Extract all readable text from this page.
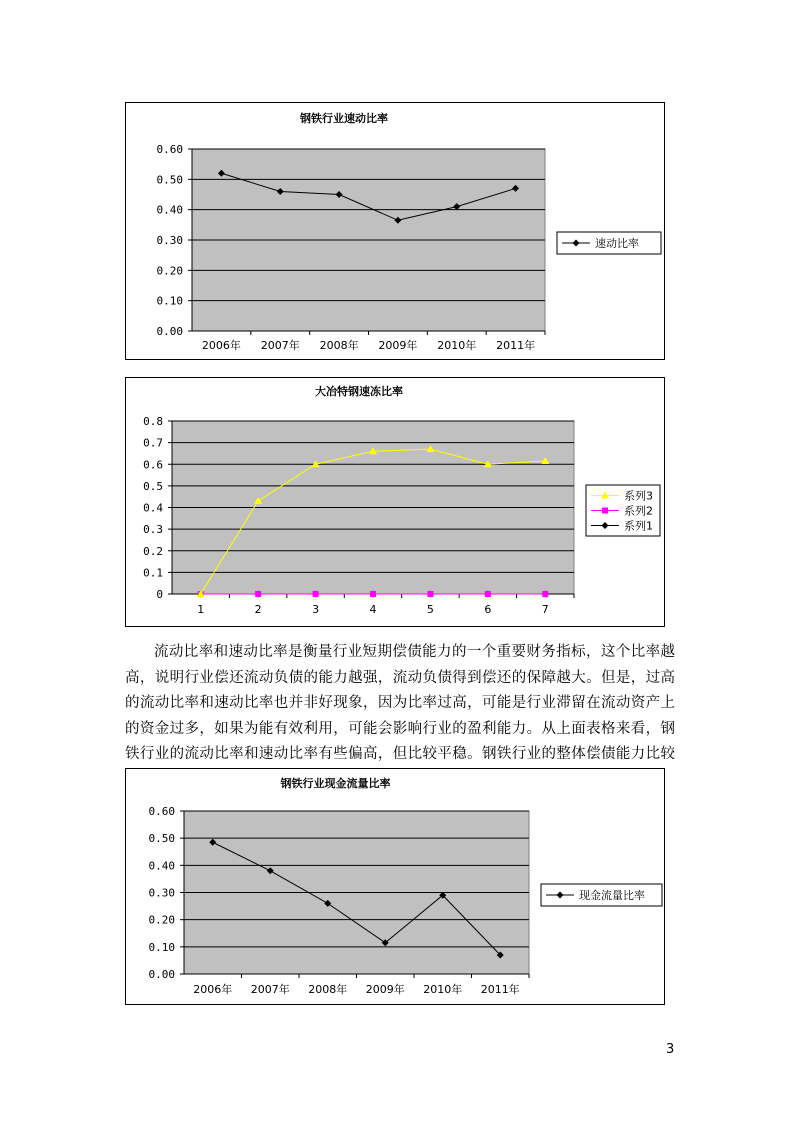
钢铁行业速动比率
0.00
0.10
0.20
0.30
0.40
0.50
0.60
2006年 2007年 2008年 2009年 2010年 2011年
速动比率
大冶特钢速冻比率
0
0.1
0.2
0.3
0.4
0.5
0.6
0.7
0.8
1	2	3	4	5	6	7
系列3
系列2
系列1

流动比率和速动比率是衡量行业短期偿债能力的一个重要财务指标，这个比率越高，说明行业偿还流动负债的能力越强，流动负债得到偿还的保障越大。但是，过高的流动比率和速动比率也并非好现象，因为比率过高，可能是行业滞留在流动资产上的资金过多，如果为能有效利用，可能会影响行业的盈利能力。从上面表格来看，钢铁行业的流动比率和速动比率有些偏高，但比较平稳。钢铁行业的整体偿债能力比较

钢铁行业现金流量比率
0.00
0.10
0.20
0.30
0.40
0.50
0.60
2006年 2007年 2008年 2009年 2010年 2011年
现金流量比率
3
